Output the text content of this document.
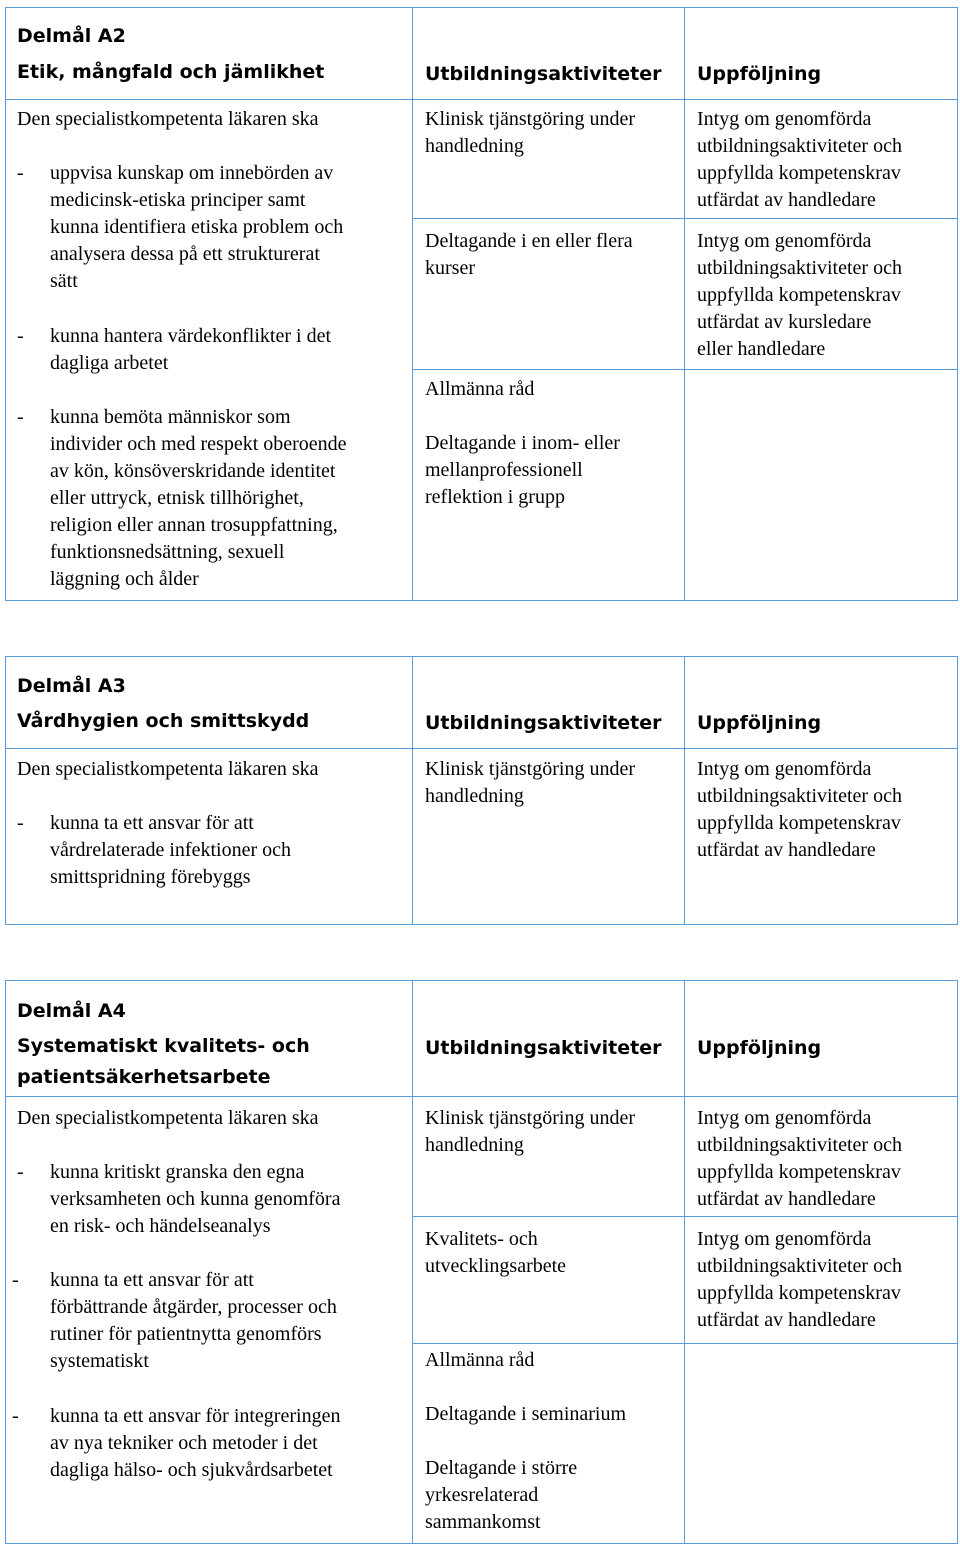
Delmål A2
Etik, mångfald och jämlikhet	Utbildningsaktiviteter Uppföljning
Den specialistkompetenta läkaren ska
- uppvisa kunskap om innebörden av
medicinsk-etiska principer samt
kunna identifiera etiska problem och
analysera dessa på ett strukturerat
sätt
- kunna hantera värdekonflikter i det
dagliga arbetet
- kunna bemöta människor som
individer och med respekt oberoende
av kön, könsöverskridande identitet
eller uttryck, etnisk tillhörighet,
religion eller annan trosuppfattning,
funktionsnedsättning, sexuell
läggning och ålder
Klinisk tjänstgöring under
handledning
Deltagande i en eller flera
kurser
Allmänna råd
Deltagande i inom- eller
mellanprofessionell
reflektion i grupp
Intyg om genomförda
utbildningsaktiviteter och
uppfyllda kompetenskrav
utfärdat av handledare
Intyg om genomförda
utbildningsaktiviteter och
uppfyllda kompetenskrav
utfärdat av kursledare
eller handledare
Delmål A3
Vårdhygien och smittskydd	Utbildningsaktiviteter Uppföljning
Den specialistkompetenta läkaren ska
- kunna ta ett ansvar för att
vårdrelaterade infektioner och
smittspridning förebyggs
Klinisk tjänstgöring under
handledning
Intyg om genomförda
utbildningsaktiviteter och
uppfyllda kompetenskrav
utfärdat av handledare
Delmål A4
Systematiskt kvalitets- och
patientsäkerhetsarbete
Utbildningsaktiviteter Uppföljning
Den specialistkompetenta läkaren ska
- kunna kritiskt granska den egna
verksamheten och kunna genomföra
en risk- och händelseanalys
- kunna ta ett ansvar för att
förbättrande åtgärder, processer och
rutiner för patientnytta genomförs
systematiskt
- kunna ta ett ansvar för integreringen
av nya tekniker och metoder i det
dagliga hälso- och sjukvårdsarbetet
Klinisk tjänstgöring under
handledning
Kvalitets- och
utvecklingsarbete
Allmänna råd
Deltagande i seminarium
Deltagande i större
yrkesrelaterad
sammankomst
Intyg om genomförda
utbildningsaktiviteter och
uppfyllda kompetenskrav
utfärdat av handledare
Intyg om genomförda
utbildningsaktiviteter och
uppfyllda kompetenskrav
utfärdat av handledare
